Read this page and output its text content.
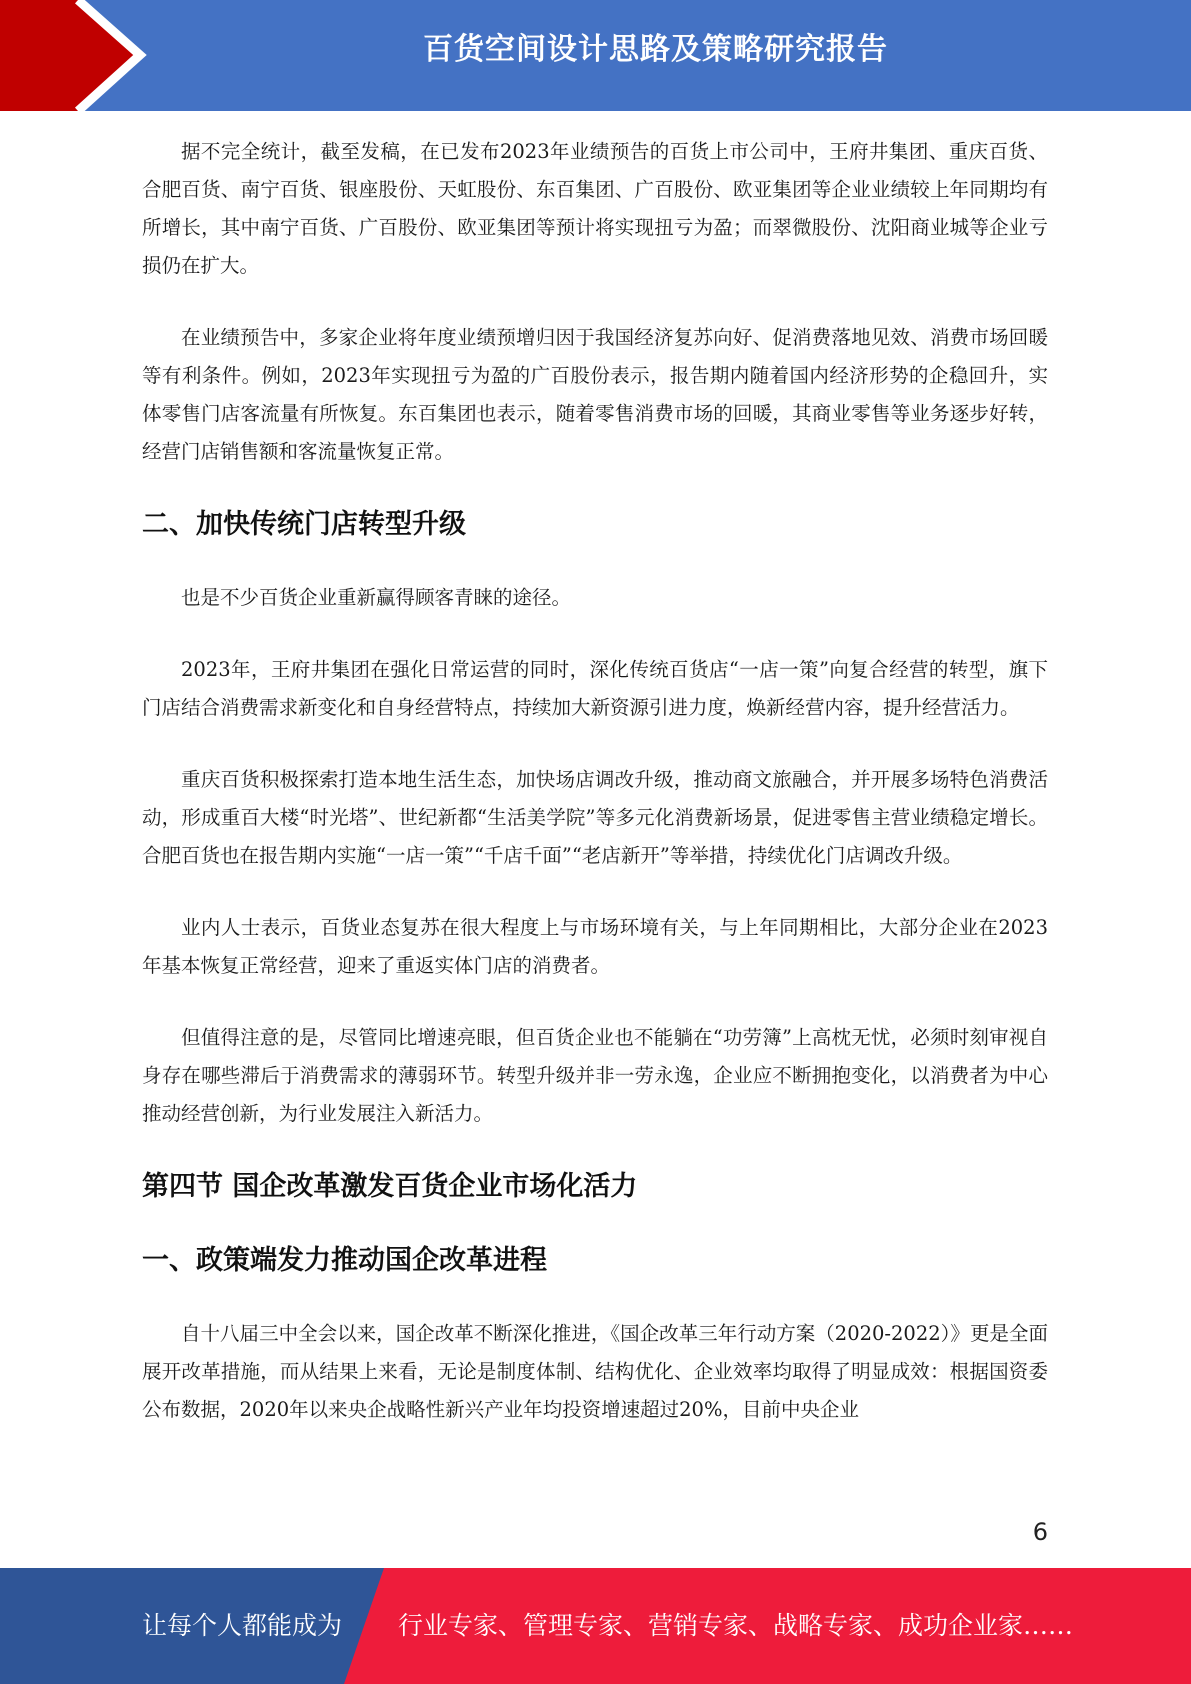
百货空间设计思路及策略研究报告

据不完全统计，截至发稿，在已发布2023年业绩预告的百货上市公司中，王府井集团、重庆百货、合肥百货、南宁百货、银座股份、天虹股份、东百集团、广百股份、欧亚集团等企业业绩较上年同期均有所增长，其中南宁百货、广百股份、欧亚集团等预计将实现扭亏为盈；而翠微股份、沈阳商业城等企业亏损仍在扩大。

在业绩预告中，多家企业将年度业绩预增归因于我国经济复苏向好、促消费落地见效、消费市场回暖等有利条件。例如，2023年实现扭亏为盈的广百股份表示，报告期内随着国内经济形势的企稳回升，实体零售门店客流量有所恢复。东百集团也表示，随着零售消费市场的回暖，其商业零售等业务逐步好转，经营门店销售额和客流量恢复正常。

二、加快传统门店转型升级

也是不少百货企业重新赢得顾客青睐的途径。

2023年，王府井集团在强化日常运营的同时，深化传统百货店“一店一策”向复合经营的转型，旗下门店结合消费需求新变化和自身经营特点，持续加大新资源引进力度，焕新经营内容，提升经营活力。

重庆百货积极探索打造本地生活生态，加快场店调改升级，推动商文旅融合，并开展多场特色消费活动，形成重百大楼“时光塔”、世纪新都“生活美学院”等多元化消费新场景，促进零售主营业绩稳定增长。合肥百货也在报告期内实施“一店一策”“千店千面”“老店新开”等举措，持续优化门店调改升级。

业内人士表示，百货业态复苏在很大程度上与市场环境有关，与上年同期相比，大部分企业在2023年基本恢复正常经营，迎来了重返实体门店的消费者。

但值得注意的是，尽管同比增速亮眼，但百货企业也不能躺在“功劳簿”上高枕无忧，必须时刻审视自身存在哪些滞后于消费需求的薄弱环节。转型升级并非一劳永逸，企业应不断拥抱变化，以消费者为中心推动经营创新，为行业发展注入新活力。

第四节 国企改革激发百货企业市场化活力
一、政策端发力推动国企改革进程

自十八届三中全会以来，国企改革不断深化推进，《国企改革三年行动方案（2020-2022）》更是全面展开改革措施，而从结果上来看，无论是制度体制、结构优化、企业效率均取得了明显成效：根据国资委公布数据，2020年以来央企战略性新兴产业年均投资增速超过20%，目前中央企业

6
让每个人都能成为 行业专家、管理专家、营销专家、战略专家、成功企业家……
